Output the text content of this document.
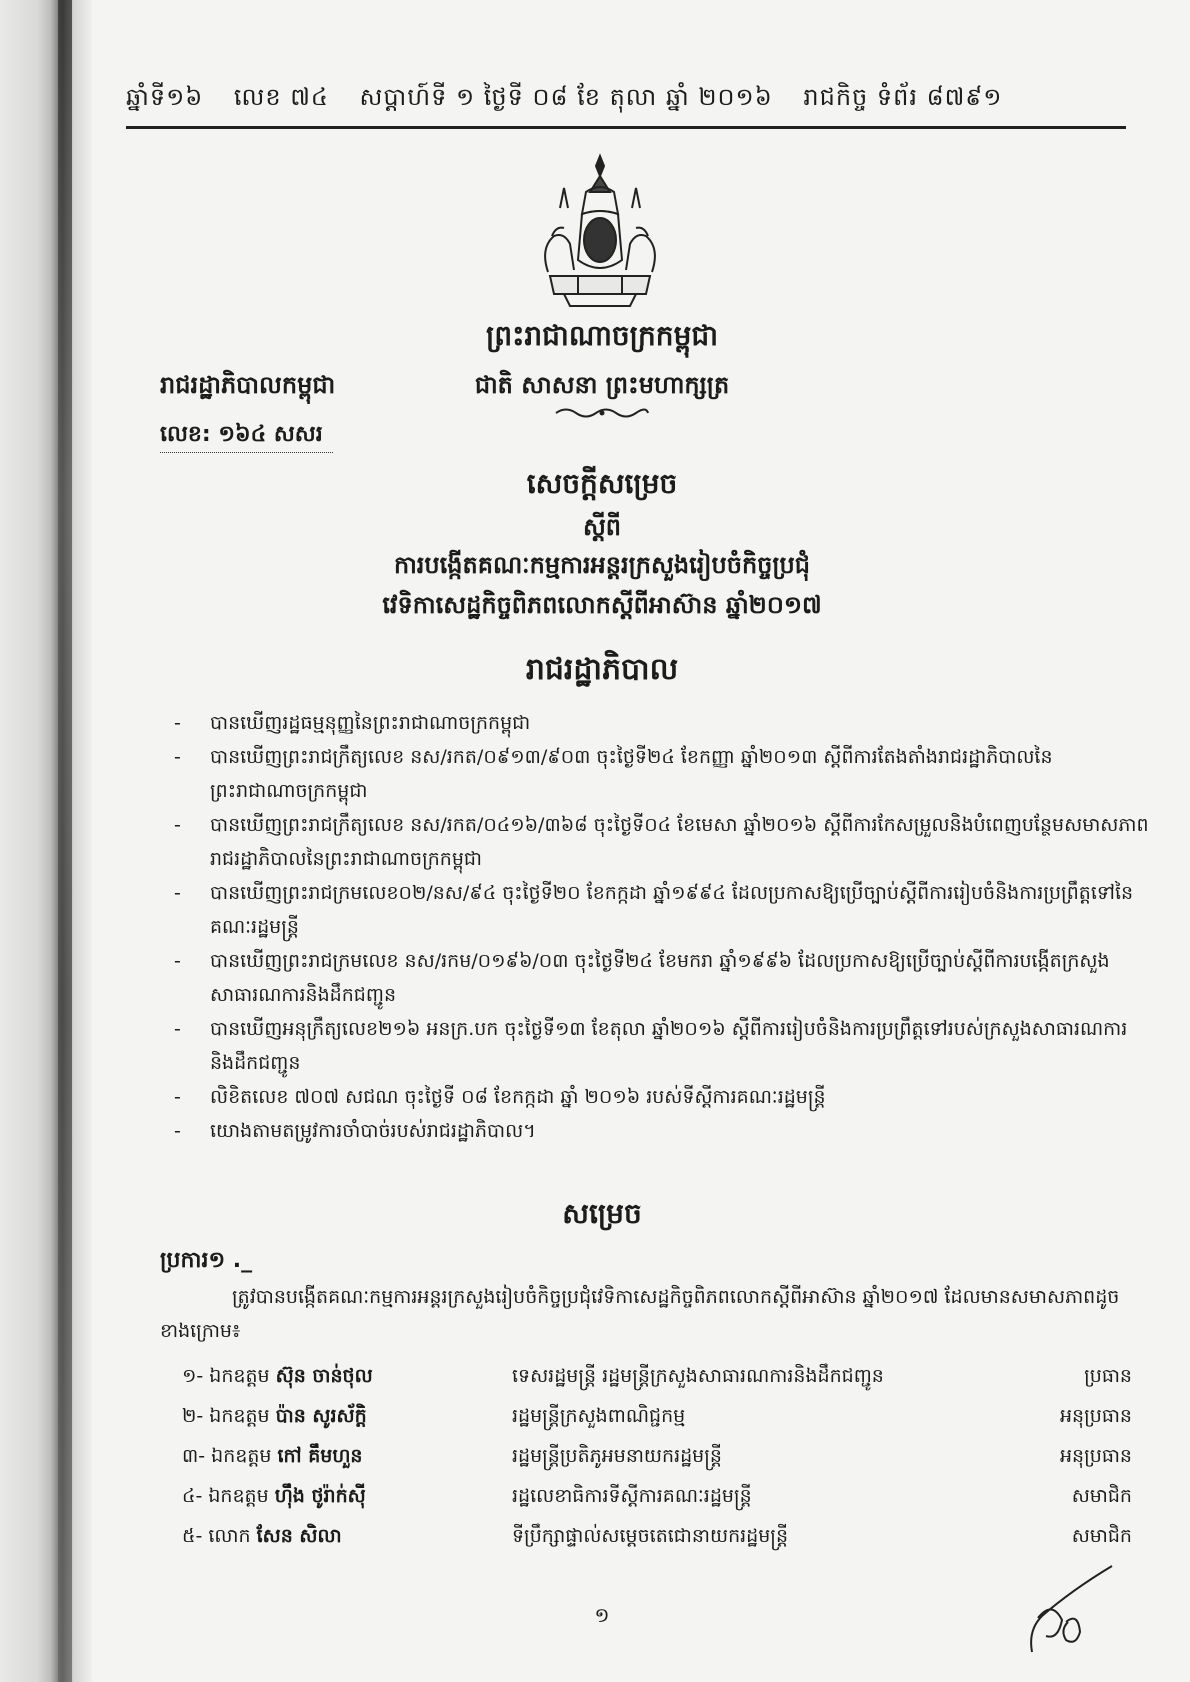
ឆ្នាំទី១៦ លេខ ៧៤ សប្តាហ៍ទី ១ ថ្ងៃទី ០៨ ខែ តុលា ឆ្នាំ ២០១៦ រាជកិច្ច ទំព័រ ៨៧៩១
ព្រះរាជាណាចក្រកម្ពុជា
ជាតិ សាសនា ព្រះមហាក្សត្រ
រាជរដ្ឋាភិបាលកម្ពុជា
លេខ: ១៦៤ សសរ
សេចក្តីសម្រេច
ស្តីពី
ការបង្កើតគណៈកម្មការអន្តរក្រសួងរៀបចំកិច្ចប្រជុំ
វេទិកាសេដ្ឋកិច្ចពិភពលោកស្តីពីអាស៊ាន ឆ្នាំ២០១៧
រាជរដ្ឋាភិបាល
- បានឃើញរដ្ឋធម្មនុញ្ញនៃព្រះរាជាណាចក្រកម្ពុជា
- បានឃើញព្រះរាជក្រឹត្យលេខ នស/រកត/០៩១៣/៩០៣ ចុះថ្ងៃទី២៤ ខែកញ្ញា ឆ្នាំ២០១៣ ស្តីពីការតែងតាំងរាជរដ្ឋាភិបាលនៃព្រះរាជាណាចក្រកម្ពុជា
- បានឃើញព្រះរាជក្រឹត្យលេខ នស/រកត/០៤១៦/៣៦៨ ចុះថ្ងៃទី០៤ ខែមេសា ឆ្នាំ២០១៦ ស្តីពីការកែសម្រួលនិងបំពេញបន្ថែមសមាសភាពរាជរដ្ឋាភិបាលនៃព្រះរាជាណាចក្រកម្ពុជា
- បានឃើញព្រះរាជក្រមលេខ០២/នស/៩៤ ចុះថ្ងៃទី២០ ខែកក្កដា ឆ្នាំ១៩៩៤ ដែលប្រកាសឱ្យប្រើច្បាប់ស្តីពីការរៀបចំនិងការប្រព្រឹត្តទៅនៃគណៈរដ្ឋមន្ត្រី
- បានឃើញព្រះរាជក្រមលេខ នស/រកម/០១៩៦/០៣ ចុះថ្ងៃទី២៤ ខែមករា ឆ្នាំ១៩៩៦ ដែលប្រកាសឱ្យប្រើច្បាប់ស្តីពីការបង្កើតក្រសួងសាធារណការនិងដឹកជញ្ជូន
- បានឃើញអនុក្រឹត្យលេខ២១៦ អនក្រ.បក ចុះថ្ងៃទី១៣ ខែតុលា ឆ្នាំ២០១៦ ស្តីពីការរៀបចំនិងការប្រព្រឹត្តទៅរបស់ក្រសួងសាធារណការ និងដឹកជញ្ជូន
- លិខិតលេខ ៧០៧ សជណ ចុះថ្ងៃទី ០៨ ខែកក្កដា ឆ្នាំ ២០១៦ របស់ទីស្តីការគណៈរដ្ឋមន្ត្រី
- យោងតាមតម្រូវការចាំបាច់របស់រាជរដ្ឋាភិបាល។
សម្រេច
ប្រការ១ ._
ត្រូវបានបង្កើតគណៈកម្មការអន្តរក្រសួងរៀបចំកិច្ចប្រជុំវេទិកាសេដ្ឋកិច្ចពិភពលោកស្តីពីអាស៊ាន ឆ្នាំ២០១៧ ដែលមានសមាសភាពដូចខាងក្រោម៖
១- ឯកឧត្តម ស៊ុន ចាន់ថុល	ទេសរដ្ឋមន្ត្រី រដ្ឋមន្ត្រីក្រសួងសាធារណការនិងដឹកជញ្ជូន	ប្រធាន
២- ឯកឧត្តម ប៉ាន សូរស័ក្តិ	រដ្ឋមន្ត្រីក្រសួងពាណិជ្ជកម្ម	អនុប្រធាន
៣- ឯកឧត្តម កៅ គឹមហួន	រដ្ឋមន្ត្រីប្រតិភូអមនាយករដ្ឋមន្ត្រី	អនុប្រធាន
៤- ឯកឧត្តម ហ៊ឹង ថូរ៉ាក់ស៊ី	រដ្ឋលេខាធិការទីស្តីការគណៈរដ្ឋមន្ត្រី	សមាជិក
៥- លោក សែន សិលា	ទីប្រឹក្សាផ្ទាល់សម្តេចតេជោនាយករដ្ឋមន្ត្រី	សមាជិក
១
